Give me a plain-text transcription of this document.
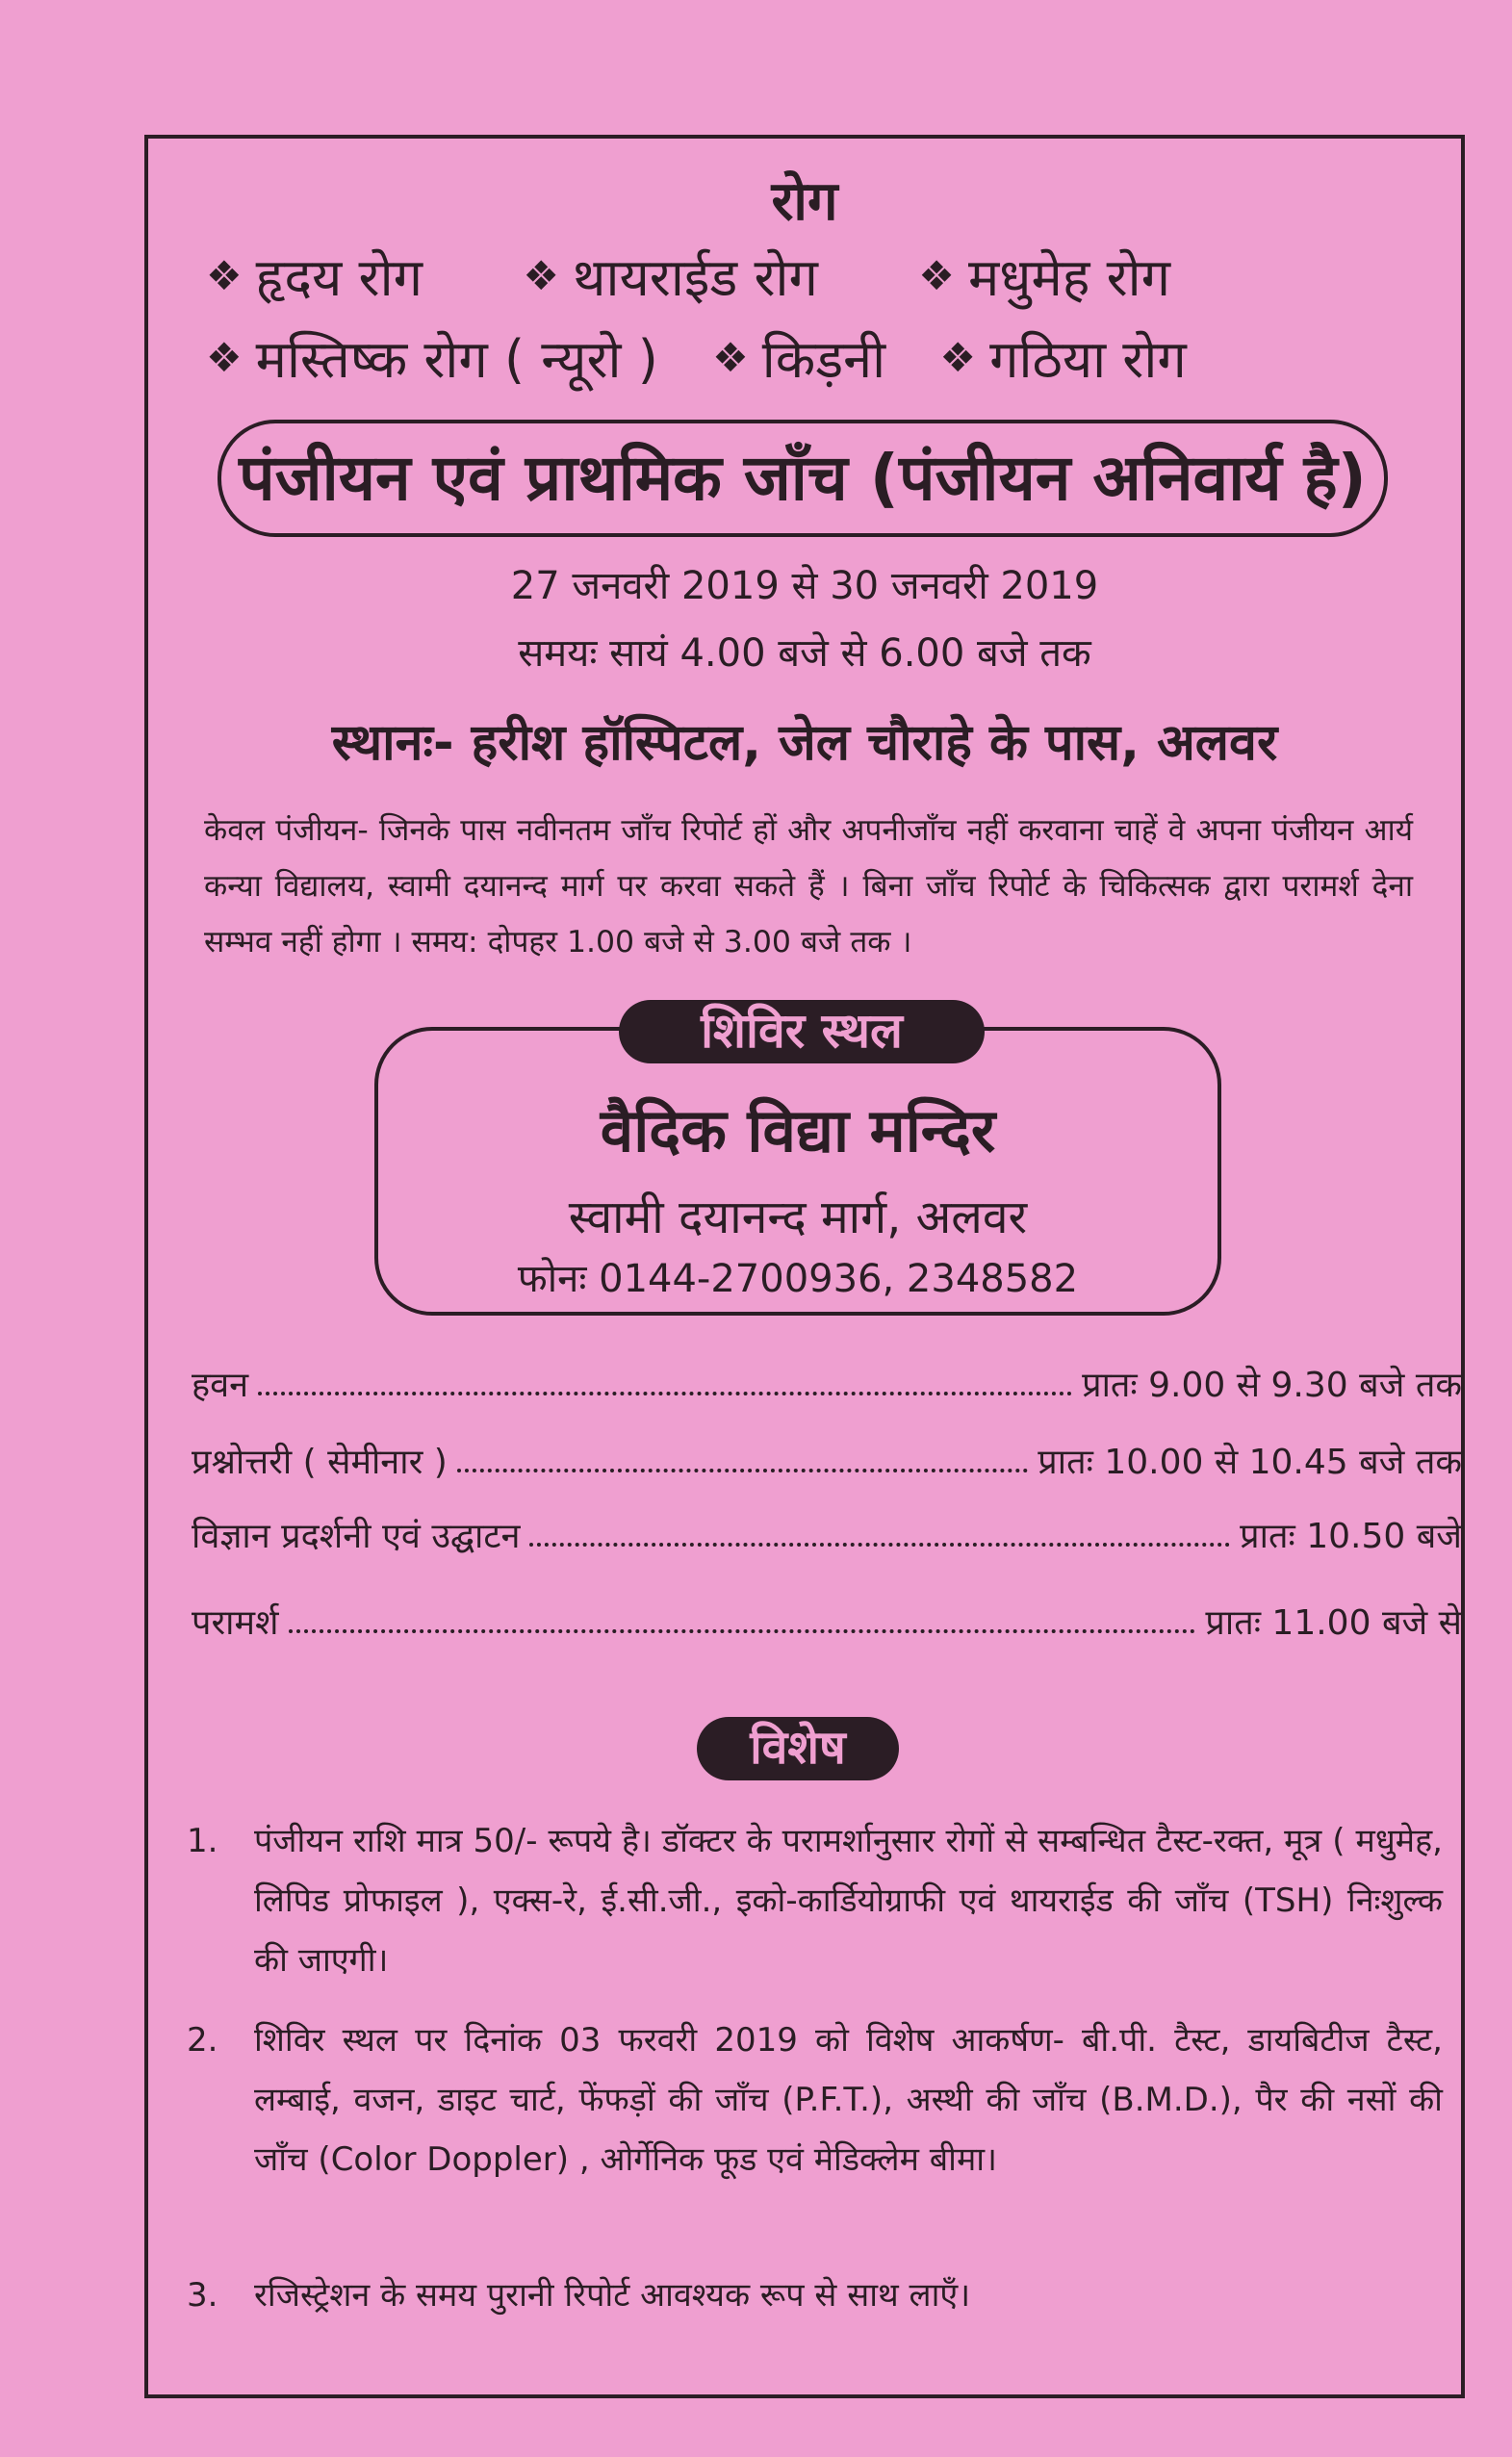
रोग
❖ हृदय रोग ❖ थायराईड रोग ❖ मधुमेह रोग
❖ मस्तिष्क रोग ( न्यूरो ) ❖ किड़नी ❖ गठिया रोग
पंजीयन एवं प्राथमिक जाँच (पंजीयन अनिवार्य है)
27 जनवरी 2019 से 30 जनवरी 2019
समयः सायं 4.00 बजे से 6.00 बजे तक
स्थानः- हरीश हॉस्पिटल, जेल चौराहे के पास, अलवर
केवल पंजीयन- जिनके पास नवीनतम जाँच रिपोर्ट हों और अपनीजाँच नहीं करवाना चाहें वे अपना पंजीयन आर्य कन्या विद्यालय, स्वामी दयानन्द मार्ग पर करवा सकते हैं । बिना जाँच रिपोर्ट के चिकित्सक द्वारा परामर्श देना सम्भव नहीं होगा । समय: दोपहर 1.00 बजे से 3.00 बजे तक ।
शिविर स्थल
वैदिक विद्या मन्दिर
स्वामी दयानन्द मार्ग, अलवर
फोनः 0144-2700936, 2348582
हवन	प्रातः 9.00 से 9.30 बजे तक
प्रश्नोत्तरी ( सेमीनार )	प्रातः 10.00 से 10.45 बजे तक
विज्ञान प्रदर्शनी एवं उद्घाटन	प्रातः 10.50 बजे
परामर्श	प्रातः 11.00 बजे से
विशेष
1.	पंजीयन राशि मात्र 50/- रूपये है। डॉक्टर के परामर्शानुसार रोगों से सम्बन्धित टैस्ट-रक्त, मूत्र ( मधुमेह, लिपिड प्रोफाइल ), एक्स-रे, ई.सी.जी., इको-कार्डियोग्राफी एवं थायराईड की जाँच (TSH) निःशुल्क की जाएगी।
2.	शिविर स्थल पर दिनांक 03 फरवरी 2019 को विशेष आकर्षण- बी.पी. टैस्ट, डायबिटीज टैस्ट, लम्बाई, वजन, डाइट चार्ट, फेंफड़ों की जाँच (P.F.T.), अस्थी की जाँच (B.M.D.), पैर की नसों की जाँच (Color Doppler) , ओर्गेनिक फूड एवं मेडिक्लेम बीमा।
3.	रजिस्ट्रेशन के समय पुरानी रिपोर्ट आवश्यक रूप से साथ लाएँ।
